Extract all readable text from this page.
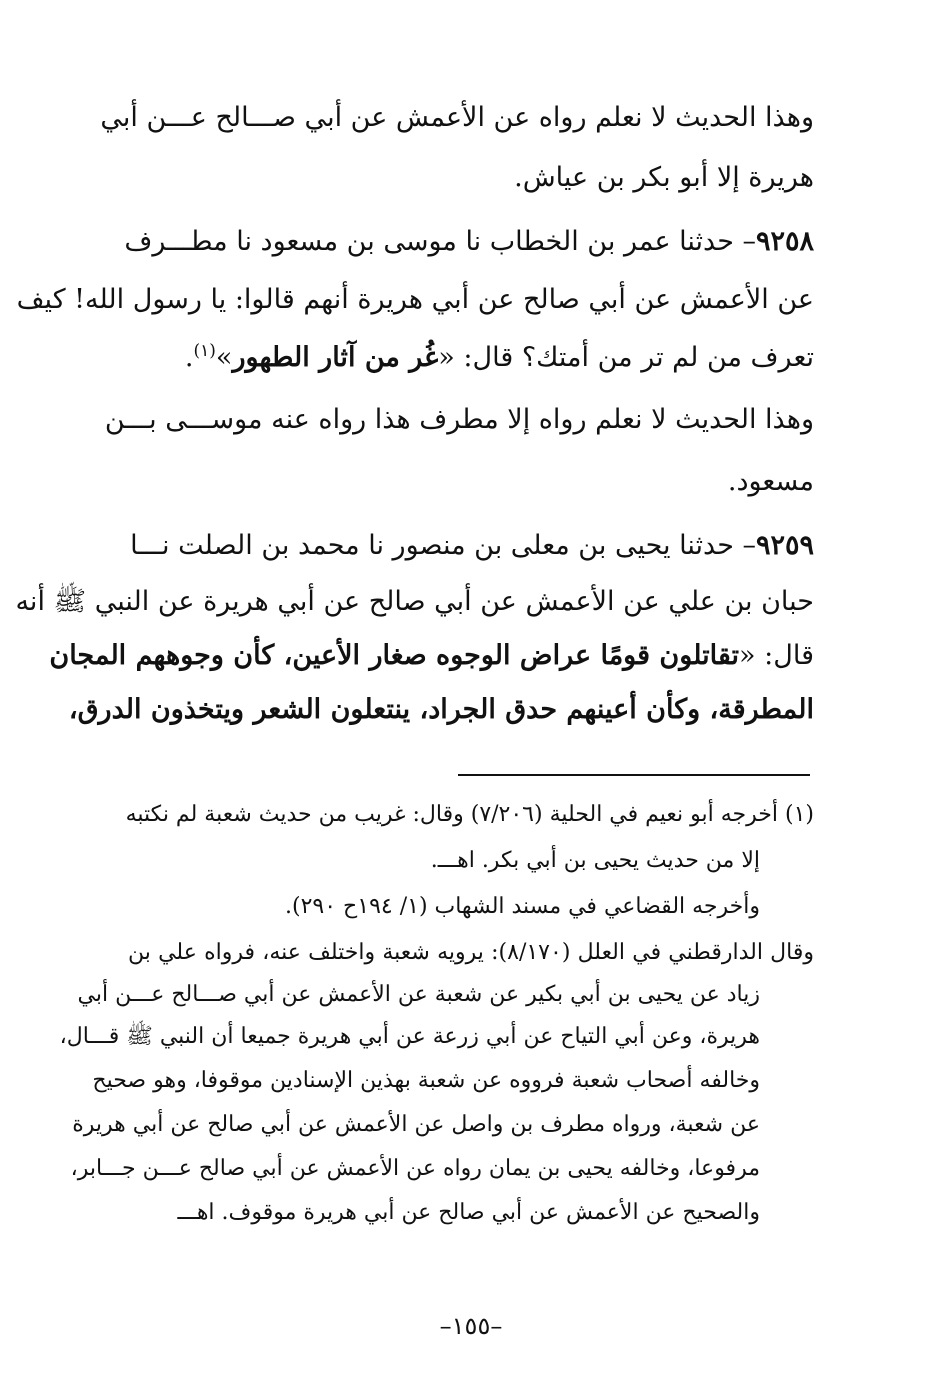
وهذا الحديث لا نعلم رواه عن الأعمش عن أبي صـــالح عـــن أبي
هريرة إلا أبو بكر بن عياش.
٩٢٥٨– حدثنا عمر بن الخطاب نا موسى بن مسعود نا مطـــرف
عن الأعمش عن أبي صالح عن أبي هريرة أنهم قالوا: يا رسول الله! كيف
تعرف من لم تر من أمتك؟ قال: «غُر من آثار الطهور»$^{(١)}$.
وهذا الحديث لا نعلم رواه إلا مطرف هذا رواه عنه موســـى بـــن
مسعود.
٩٢٥٩– حدثنا يحيى بن معلى بن منصور نا محمد بن الصلت نـــا
حبان بن علي عن الأعمش عن أبي صالح عن أبي هريرة عن النبي ﷺ أنه
قال: «تقاتلون قومًا عراض الوجوه صغار الأعين، كأن وجوههم المجان
المطرقة، وكأن أعينهم حدق الجراد، ينتعلون الشعر ويتخذون الدرق،
(١) أخرجه أبو نعيم في الحلية (٧/٢٠٦) وقال: غريب من حديث شعبة لم نكتبه
إلا من حديث يحيى بن أبي بكر. اهـــ.
وأخرجه القضاعي في مسند الشهاب (١/ ١٩٤ح ٢٩٠).
وقال الدارقطني في العلل (٨/١٧٠): يرويه شعبة واختلف عنه، فرواه علي بن
زياد عن يحيى بن أبي بكير عن شعبة عن الأعمش عن أبي صـــالح عـــن أبي
هريرة، وعن أبي التياح عن أبي زرعة عن أبي هريرة جميعا أن النبي ﷺ قـــال،
وخالفه أصحاب شعبة فرووه عن شعبة بهذين الإسنادين موقوفا، وهو صحيح
عن شعبة، ورواه مطرف بن واصل عن الأعمش عن أبي صالح عن أبي هريرة
مرفوعا، وخالفه يحيى بن يمان رواه عن الأعمش عن أبي صالح عـــن جـــابر،
والصحيح عن الأعمش عن أبي صالح عن أبي هريرة موقوف. اهـــ
–١٥٥–
